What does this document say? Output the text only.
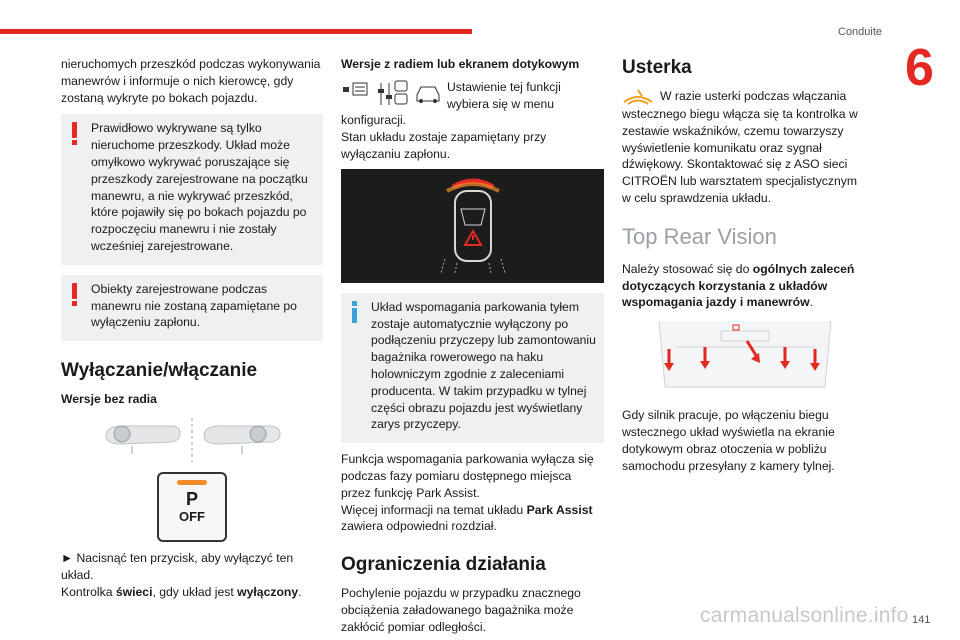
Conduite
6

nieruchomych przeszkód podczas wykonywania manewrów i informuje o nich kierowcę, gdy zostaną wykryte po bokach pojazdu.

Prawidłowo wykrywane są tylko nieruchome przeszkody. Układ może omyłkowo wykrywać poruszające się przeszkody zarejestrowane na początku manewru, a nie wykrywać przeszkód, które pojawiły się po bokach pojazdu po rozpoczęciu manewru i nie zostały wcześniej zarejestrowane.

Obiekty zarejestrowane podczas manewru nie zostaną zapamiętane po wyłączeniu zapłonu.

Wyłączanie/włączanie
Wersje bez radia
P
OFF

► Nacisnąć ten przycisk, aby wyłączyć ten układ.

Kontrolka świeci, gdy układ jest wyłączony.

Wersje z radiem lub ekranem dotykowym

Ustawienie tej funkcji wybiera się w menu

konfiguracji.

Stan układu zostaje zapamiętany przy wyłączaniu zapłonu.

Układ wspomagania parkowania tyłem zostaje automatycznie wyłączony po podłączeniu przyczepy lub zamontowaniu bagażnika rowerowego na haku holowniczym zgodnie z zaleceniami producenta. W takim przypadku w tylnej części obrazu pojazdu jest wyświetlany zarys przyczepy.

Funkcja wspomagania parkowania wyłącza się podczas fazy pomiaru dostępnego miejsca przez funkcję Park Assist.

Więcej informacji na temat układu Park Assist zawiera odpowiedni rozdział.

Ograniczenia działania

Pochylenie pojazdu w przypadku znacznego obciążenia załadowanego bagażnika może zakłócić pomiar odległości.

Usterka

W razie usterki podczas włączania

wstecznego biegu włącza się ta kontrolka w zestawie wskaźników, czemu towarzyszy wyświetlenie komunikatu oraz sygnał dźwiękowy. Skontaktować się z ASO sieci CITROËN lub warsztatem specjalistycznym w celu sprawdzenia układu.

Top Rear Vision

Należy stosować się do ogólnych zaleceń dotyczących korzystania z układów wspomagania jazdy i manewrów.

Gdy silnik pracuje, po włączeniu biegu wstecznego układ wyświetla na ekranie dotykowym obraz otoczenia w pobliżu samochodu przesyłany z kamery tylnej.

carmanualsonline.info 141
